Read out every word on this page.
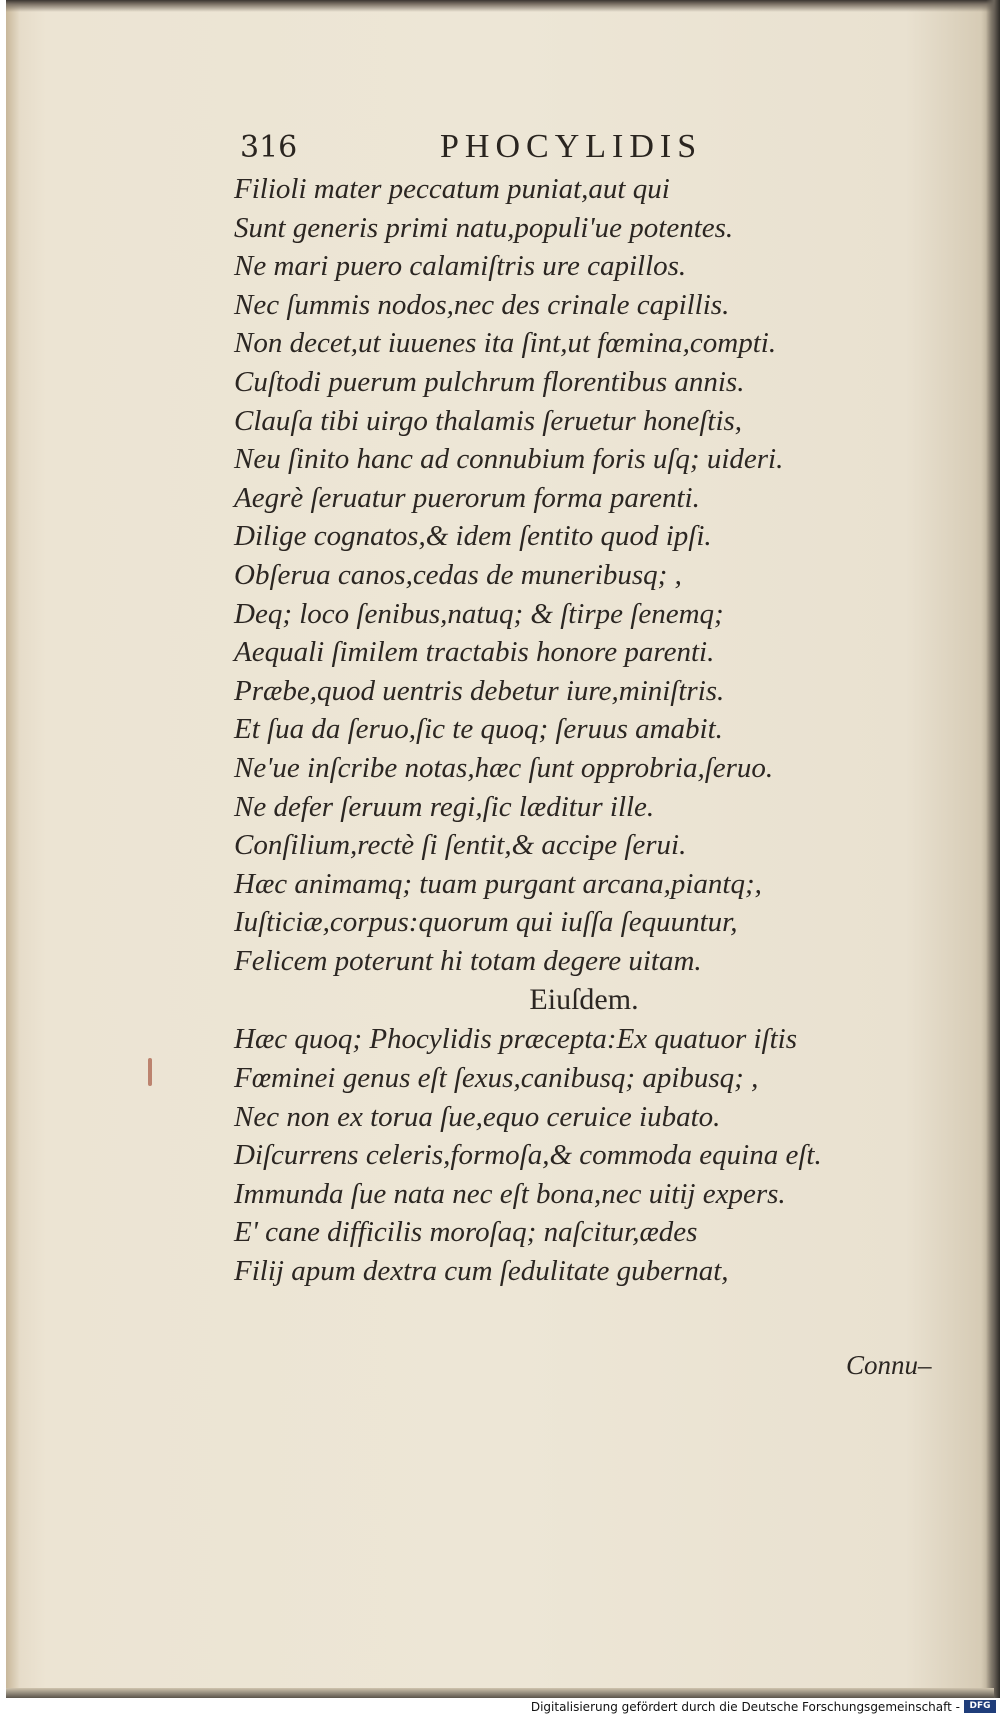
316	PHOCYLIDIS
Filioli mater peccatum puniat,aut qui
Sunt generis primi natu,populi'ue potentes.
Ne mari puero calamiſtris ure capillos.
Nec ſummis nodos,nec des crinale capillis.
Non decet,ut iuuenes ita ſint,ut fœmina,compti.
Cuſtodi puerum pulchrum florentibus annis.
Clauſa tibi uirgo thalamis ſeruetur honeſtis,
Neu ſinito hanc ad connubium foris uſq; uideri.
Aegrè ſeruatur puerorum forma parenti.
Dilige cognatos,& idem ſentito quod ipſi.
Obſerua canos,cedas de muneribusq; ,
Deq; loco ſenibus,natuq; & ſtirpe ſenemq;
Aequali ſimilem tractabis honore parenti.
Præbe,quod uentris debetur iure,miniſtris.
Et ſua da ſeruo,ſic te quoq; ſeruus amabit.
Ne'ue inſcribe notas,hæc ſunt opprobria,ſeruo.
Ne defer ſeruum regi,ſic læditur ille.
Conſilium,rectè ſi ſentit,& accipe ſerui.
Hæc animamq; tuam purgant arcana,piantq;,
Iuſticiæ,corpus:quorum qui iuſſa ſequuntur,
Felicem poterunt hi totam degere uitam.
Eiuſdem.
Hæc quoq; Phocylidis præcepta:Ex quatuor iſtis
Fœminei genus eſt ſexus,canibusq; apibusq; ,
Nec non ex torua ſue,equo ceruice iubato.
Diſcurrens celeris,formoſa,& commoda equina eſt.
Immunda ſue nata nec eſt bona,nec uitij expers.
E' cane difficilis moroſaq; naſcitur,ædes
Filij apum dextra cum ſedulitate gubernat,
Connu–
Digitalisierung gefördert durch die Deutsche Forschungsgemeinschaft -	DFG
